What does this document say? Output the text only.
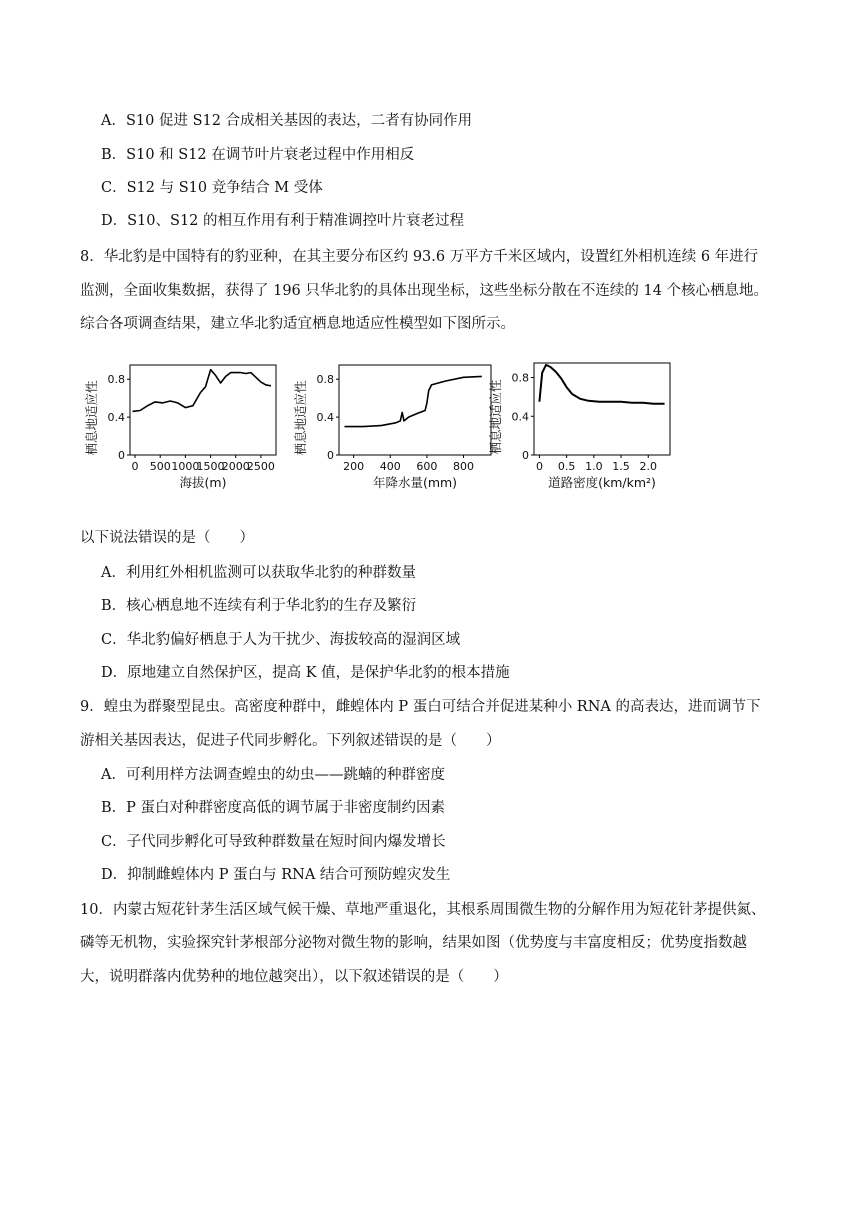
A．S10 促进 S12 合成相关基因的表达，二者有协同作用
B．S10 和 S12 在调节叶片衰老过程中作用相反
C．S12 与 S10 竞争结合 M 受体
D．S10、S12 的相互作用有利于精准调控叶片衰老过程
8．华北豹是中国特有的豹亚种，在其主要分布区约 93.6 万平方千米区域内，设置红外相机连续 6 年进行
监测，全面收集数据，获得了 196 只华北豹的具体出现坐标，这些坐标分散在不连续的 14 个核心栖息地。
综合各项调查结果，建立华北豹适宜栖息地适应性模型如下图所示。
0
0.4
0.8
0 500 1000
1500
2000
2500
海拔(m)
栖息地适应性	0
0.4
0.8
200 400 600 800
年降水量(mm)
栖息地适应性	0
0.4
0.8
0 0.5 1.0 1.5 2.0
道路密度(km/km²)
栖息地适应性
以下说法错误的是（　　）
A．利用红外相机监测可以获取华北豹的种群数量
B．核心栖息地不连续有利于华北豹的生存及繁衍
C．华北豹偏好栖息于人为干扰少、海拔较高的湿润区域
D．原地建立自然保护区，提高 K 值，是保护华北豹的根本措施
9．蝗虫为群聚型昆虫。高密度种群中，雌蝗体内 P 蛋白可结合并促进某种小 RNA 的高表达，进而调节下
游相关基因表达，促进子代同步孵化。下列叙述错误的是（　　）
A．可利用样方法调查蝗虫的幼虫——跳蝻的种群密度
B．P 蛋白对种群密度高低的调节属于非密度制约因素
C．子代同步孵化可导致种群数量在短时间内爆发增长
D．抑制雌蝗体内 P 蛋白与 RNA 结合可预防蝗灾发生
10．内蒙古短花针茅生活区域气候干燥、草地严重退化，其根系周围微生物的分解作用为短花针茅提供氮、
磷等无机物，实验探究针茅根部分泌物对微生物的影响，结果如图（优势度与丰富度相反；优势度指数越
大，说明群落内优势种的地位越突出），以下叙述错误的是（　　）
